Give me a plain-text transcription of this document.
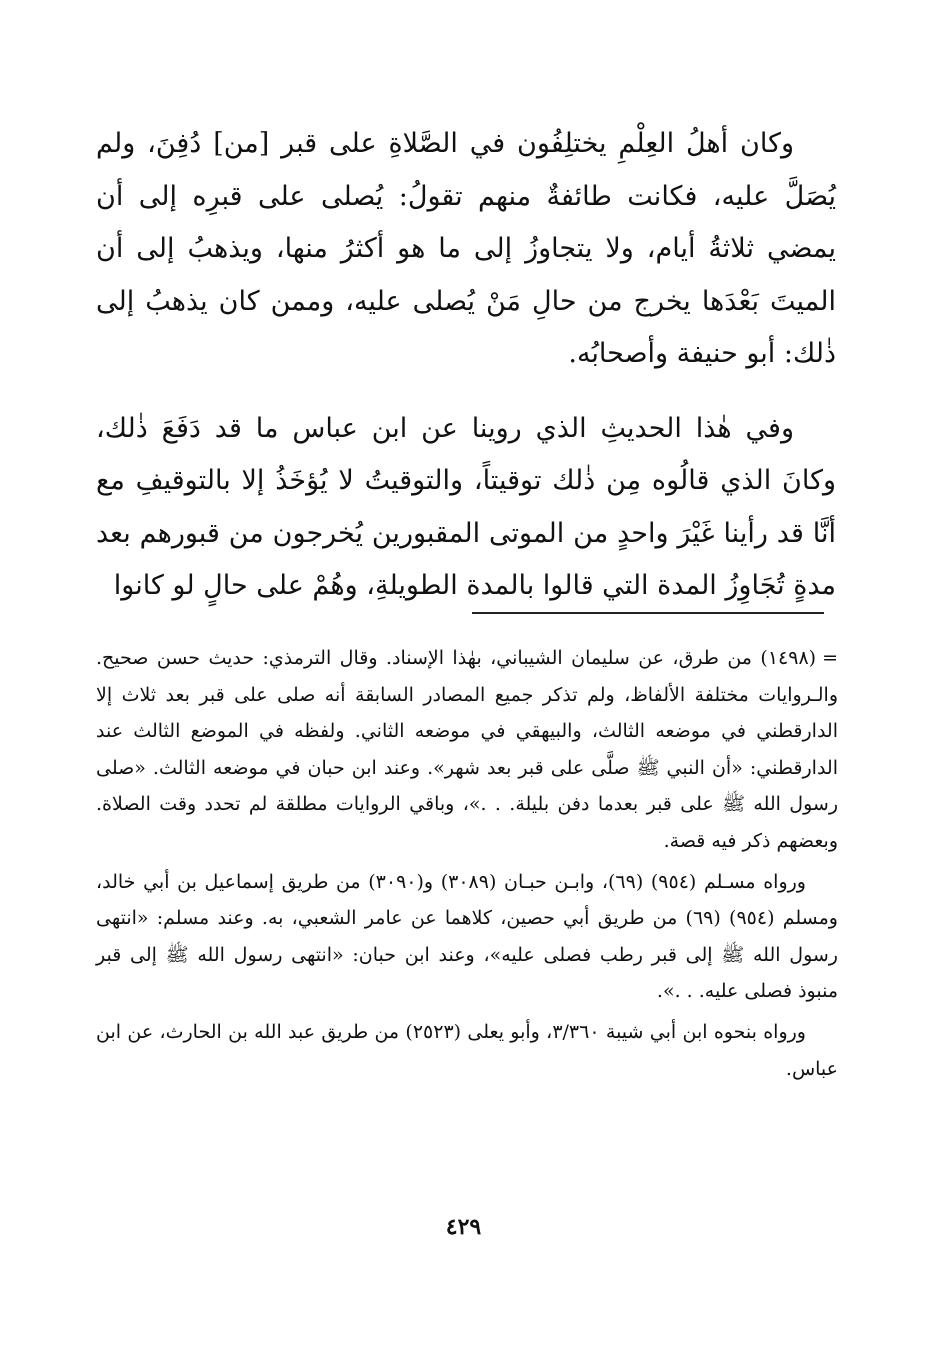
وكان أهلُ العِلْمِ يختلِفُون في الصَّلاةِ على قبر [من] دُفِنَ، ولم يُصَلَّ عليه، فكانت طائفةٌ منهم تقولُ: يُصلى على قبرِه إلى أن يمضي ثلاثةُ أيام، ولا يتجاوزُ إلى ما هو أكثرُ منها، ويذهبُ إلى أن الميتَ بَعْدَها يخرج من حالِ مَنْ يُصلى عليه، وممن كان يذهبُ إلى ذٰلك: أبو حنيفة وأصحابُه.

وفي هٰذا الحديثِ الذي روينا عن ابن عباس ما قد دَفَعَ ذٰلك، وكانَ الذي قالُوه مِن ذٰلك توقيتاً، والتوقيتُ لا يُؤخَذُ إلا بالتوقيفِ مع أنَّا قد رأينا غَيْرَ واحدٍ من الموتى المقبورين يُخرجون من قبورهم بعد مدةٍ تُجَاوِزُ المدة التي قالوا بالمدة الطويلةِ، وهُمْ على حالٍ لو كانوا

=(١٤٩٨) من طرق، عن سليمان الشيباني، بهٰذا الإسناد. وقال الترمذي: حديث حسن صحيح. والـروايات مختلفة الألفاظ، ولم تذكر جميع المصادر السابقة أنه صلى على قبر بعد ثلاث إلا الدارقطني في موضعه الثالث، والبيهقي في موضعه الثاني. ولفظه في الموضع الثالث عند الدارقطني: «أن النبي ﷺ صلَّى على قبر بعد شهر». وعند ابن حبان في موضعه الثالث. «صلى رسول الله ﷺ على قبر بعدما دفن بليلة. . .»، وباقي الروايات مطلقة لم تحدد وقت الصلاة. وبعضهم ذكر فيه قصة.

ورواه مسـلم (٩٥٤) (٦٩)، وابـن حبـان (٣٠٨٩) و(٣٠٩٠) من طريق إسماعيل بن أبي خالد، ومسلم (٩٥٤) (٦٩) من طريق أبي حصين، كلاهما عن عامر الشعبي، به. وعند مسلم: «انتهى رسول الله ﷺ إلى قبر رطب فصلى عليه»، وعند ابن حبان: «انتهى رسول الله ﷺ إلى قبر منبوذ فصلى عليه. . .».

ورواه بنحوه ابن أبي شيبة ٣/٣٦٠، وأبو يعلى (٢٥٢٣) من طريق عبد الله بن الحارث، عن ابن عباس.

٤٢٩
